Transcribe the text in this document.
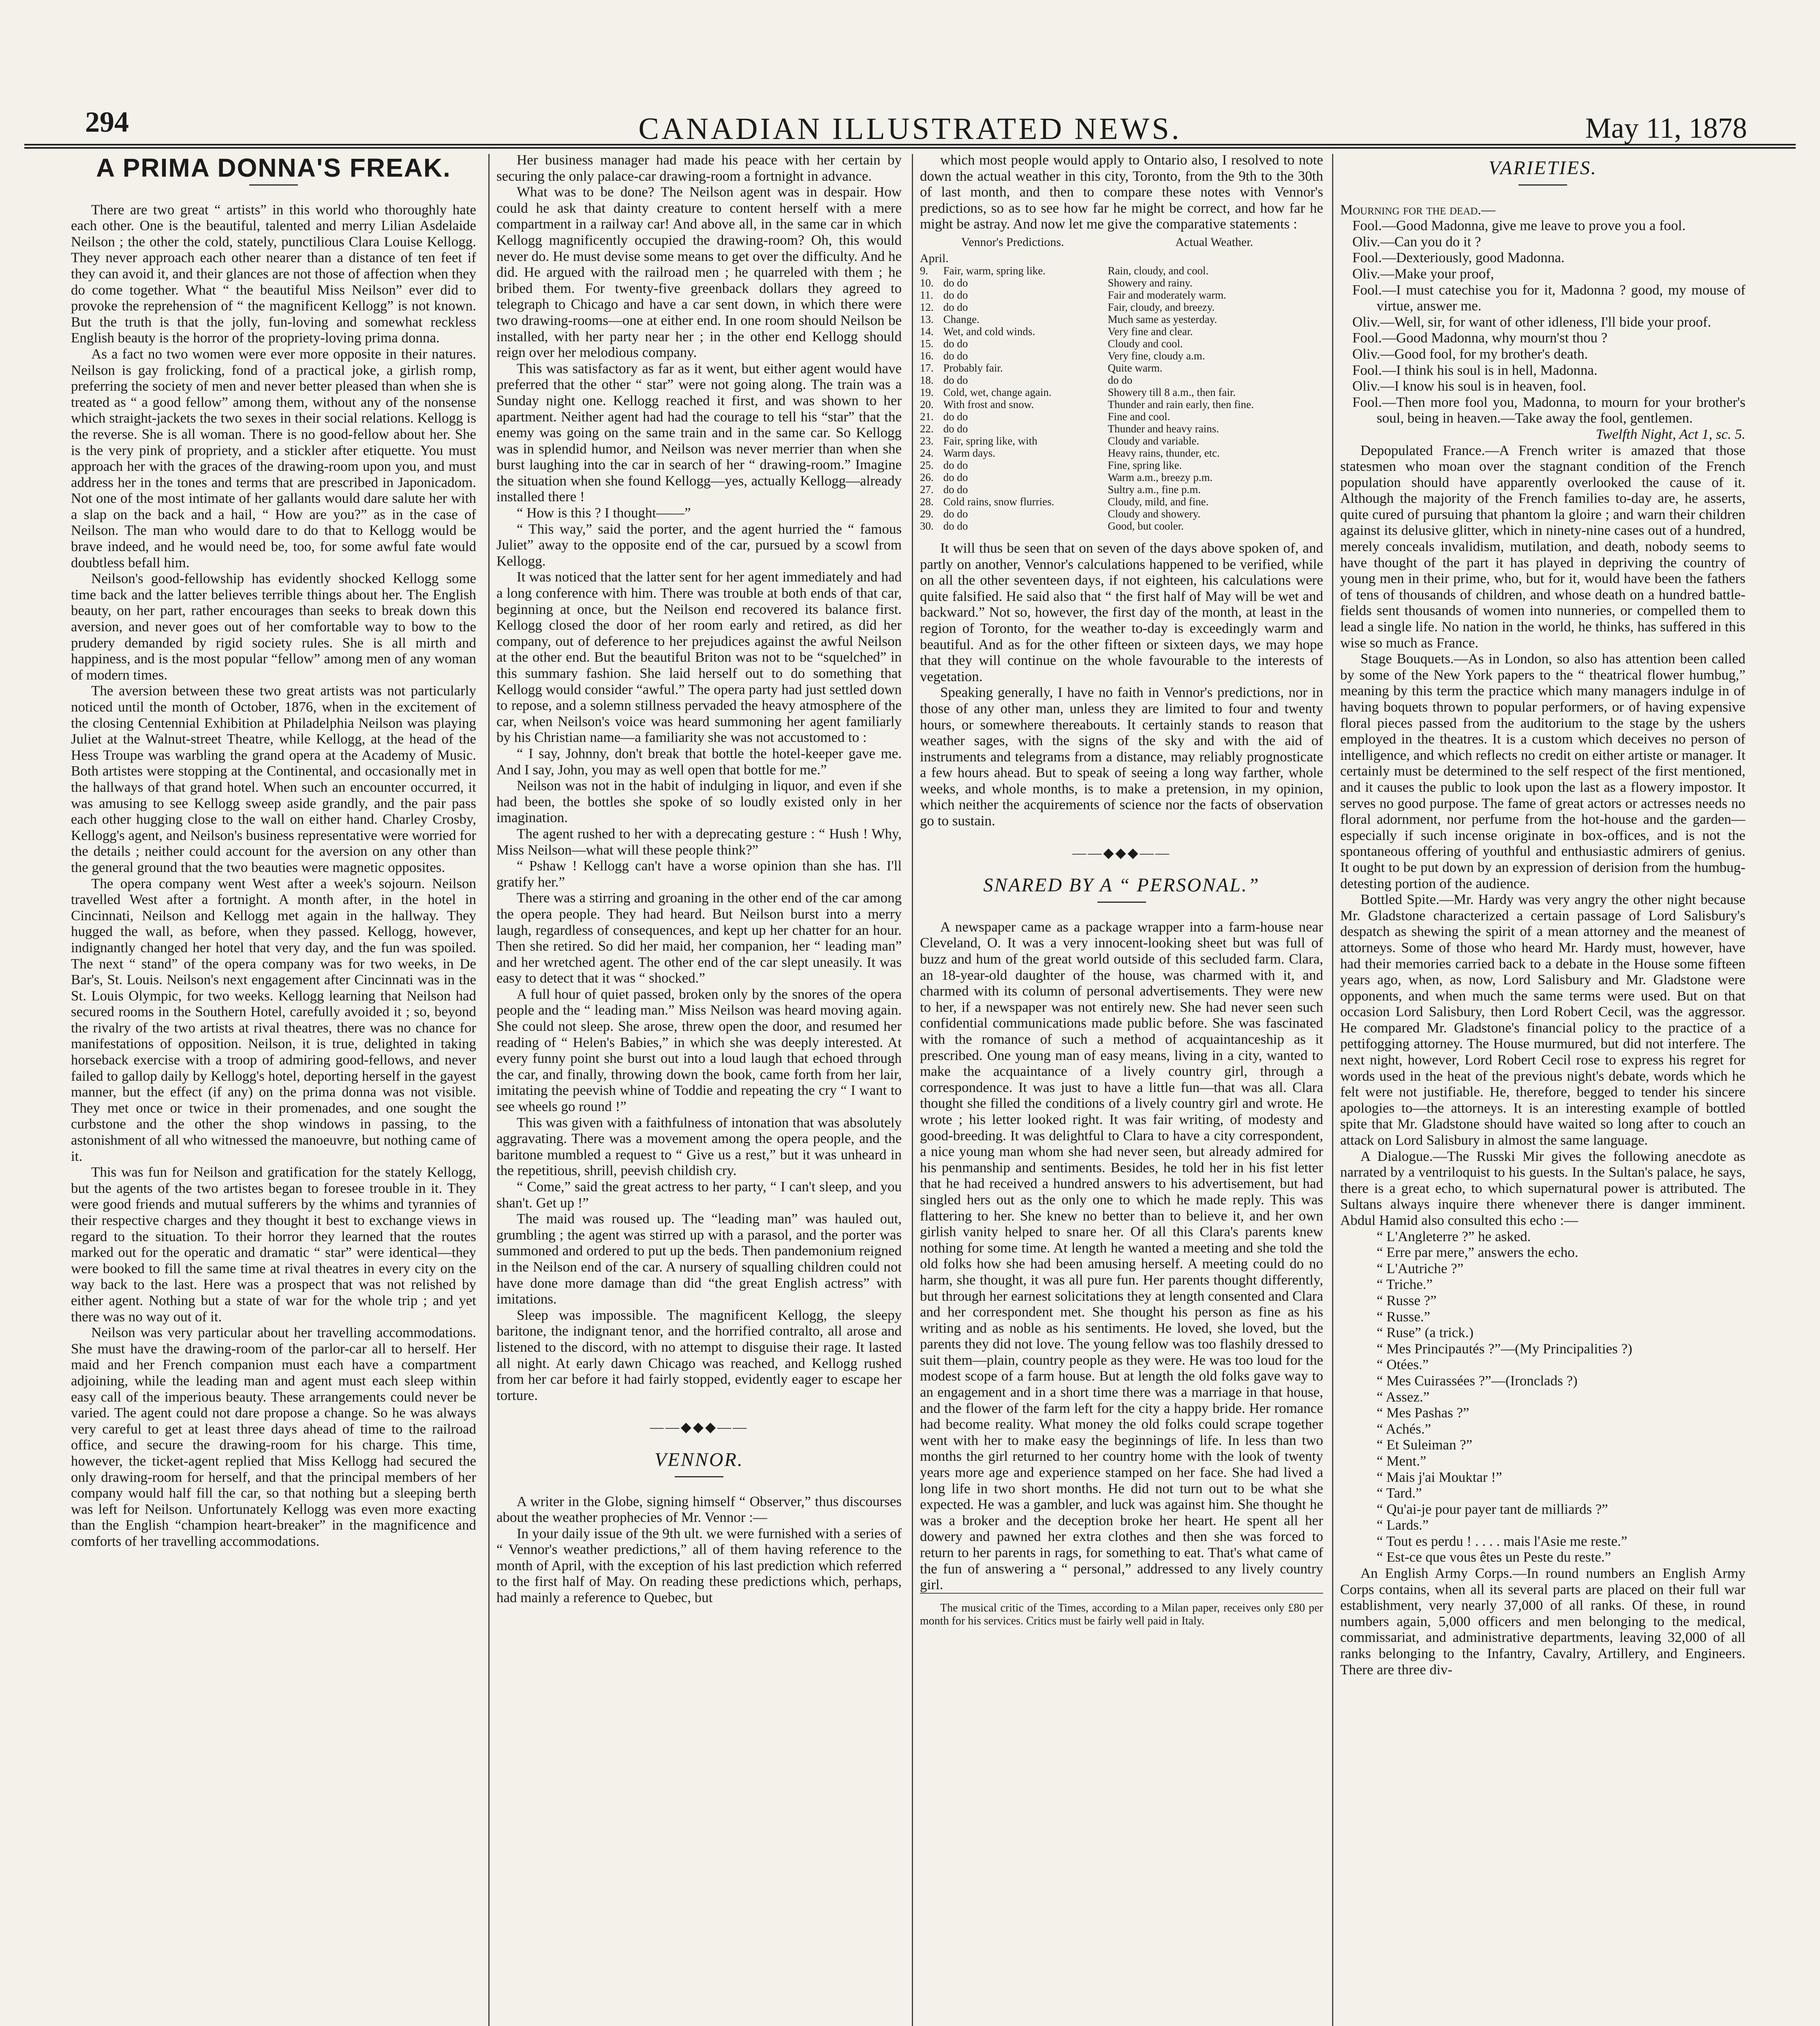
294	CANADIAN ILLUSTRATED NEWS.	May 11, 1878
A PRIMA DONNA'S FREAK.

There are two great “ artists” in this world who thoroughly hate each other. One is the beautiful, talented and merry Lilian Asdelaide Neilson ; the other the cold, stately, punctilious Clara Louise Kellogg. They never approach each other nearer than a distance of ten feet if they can avoid it, and their glances are not those of affection when they do come together. What “ the beautiful Miss Neilson” ever did to provoke the reprehension of “ the magnificent Kellogg” is not known. But the truth is that the jolly, fun-loving and somewhat reckless English beauty is the horror of the propriety-loving prima donna.

As a fact no two women were ever more opposite in their natures. Neilson is gay frolicking, fond of a practical joke, a girlish romp, preferring the society of men and never better pleased than when she is treated as “ a good fellow” among them, without any of the nonsense which straight-jackets the two sexes in their social relations. Kellogg is the reverse. She is all woman. There is no good-fellow about her. She is the very pink of propriety, and a stickler after etiquette. You must approach her with the graces of the drawing-room upon you, and must address her in the tones and terms that are prescribed in Japonicadom. Not one of the most intimate of her gallants would dare salute her with a slap on the back and a hail, “ How are you?” as in the case of Neilson. The man who would dare to do that to Kellogg would be brave indeed, and he would need be, too, for some awful fate would doubtless befall him.

Neilson's good-fellowship has evidently shocked Kellogg some time back and the latter believes terrible things about her. The English beauty, on her part, rather encourages than seeks to break down this aversion, and never goes out of her comfortable way to bow to the prudery demanded by rigid society rules. She is all mirth and happiness, and is the most popular “fellow” among men of any woman of modern times.

The aversion between these two great artists was not particularly noticed until the month of October, 1876, when in the excitement of the closing Centennial Exhibition at Philadelphia Neilson was playing Juliet at the Walnut-street Theatre, while Kellogg, at the head of the Hess Troupe was warbling the grand opera at the Academy of Music. Both artistes were stopping at the Continental, and occasionally met in the hallways of that grand hotel. When such an encounter occurred, it was amusing to see Kellogg sweep aside grandly, and the pair pass each other hugging close to the wall on either hand. Charley Crosby, Kellogg's agent, and Neilson's business representative were worried for the details ; neither could account for the aversion on any other than the general ground that the two beauties were magnetic opposites.

The opera company went West after a week's sojourn. Neilson travelled West after a fortnight. A month after, in the hotel in Cincinnati, Neilson and Kellogg met again in the hallway. They hugged the wall, as before, when they passed. Kellogg, however, indignantly changed her hotel that very day, and the fun was spoiled. The next “ stand” of the opera company was for two weeks, in De Bar's, St. Louis. Neilson's next engagement after Cincinnati was in the St. Louis Olympic, for two weeks. Kellogg learning that Neilson had secured rooms in the Southern Hotel, carefully avoided it ; so, beyond the rivalry of the two artists at rival theatres, there was no chance for manifestations of opposition. Neilson, it is true, delighted in taking horseback exercise with a troop of admiring good-fellows, and never failed to gallop daily by Kellogg's hotel, deporting herself in the gayest manner, but the effect (if any) on the prima donna was not visible. They met once or twice in their promenades, and one sought the curbstone and the other the shop windows in passing, to the astonishment of all who witnessed the manoeuvre, but nothing came of it.

This was fun for Neilson and gratification for the stately Kellogg, but the agents of the two artistes began to foresee trouble in it. They were good friends and mutual sufferers by the whims and tyrannies of their respective charges and they thought it best to exchange views in regard to the situation. To their horror they learned that the routes marked out for the operatic and dramatic “ star” were identical—they were booked to fill the same time at rival theatres in every city on the way back to the last. Here was a prospect that was not relished by either agent. Nothing but a state of war for the whole trip ; and yet there was no way out of it.

Neilson was very particular about her travelling accommodations. She must have the drawing-room of the parlor-car all to herself. Her maid and her French companion must each have a compartment adjoining, while the leading man and agent must each sleep within easy call of the imperious beauty. These arrangements could never be varied. The agent could not dare propose a change. So he was always very careful to get at least three days ahead of time to the railroad office, and secure the drawing-room for his charge. This time, however, the ticket-agent replied that Miss Kellogg had secured the only drawing-room for herself, and that the principal members of her company would half fill the car, so that nothing but a sleeping berth was left for Neilson. Unfortunately Kellogg was even more exacting than the English “champion heart-breaker” in the magnificence and comforts of her travelling accommodations.

Her business manager had made his peace with her certain by securing the only palace-car drawing-room a fortnight in advance.

What was to be done? The Neilson agent was in despair. How could he ask that dainty creature to content herself with a mere compartment in a railway car! And above all, in the same car in which Kellogg magnificently occupied the drawing-room? Oh, this would never do. He must devise some means to get over the difficulty. And he did. He argued with the railroad men ; he quarreled with them ; he bribed them. For twenty-five greenback dollars they agreed to telegraph to Chicago and have a car sent down, in which there were two drawing-rooms—one at either end. In one room should Neilson be installed, with her party near her ; in the other end Kellogg should reign over her melodious company.

This was satisfactory as far as it went, but either agent would have preferred that the other “ star” were not going along. The train was a Sunday night one. Kellogg reached it first, and was shown to her apartment. Neither agent had had the courage to tell his “star” that the enemy was going on the same train and in the same car. So Kellogg was in splendid humor, and Neilson was never merrier than when she burst laughing into the car in search of her “ drawing-room.” Imagine the situation when she found Kellogg—yes, actually Kellogg—already installed there !

“ How is this ? I thought——”

“ This way,” said the porter, and the agent hurried the “ famous Juliet” away to the opposite end of the car, pursued by a scowl from Kellogg.

It was noticed that the latter sent for her agent immediately and had a long conference with him. There was trouble at both ends of that car, beginning at once, but the Neilson end recovered its balance first. Kellogg closed the door of her room early and retired, as did her company, out of deference to her prejudices against the awful Neilson at the other end. But the beautiful Briton was not to be “squelched” in this summary fashion. She laid herself out to do something that Kellogg would consider “awful.” The opera party had just settled down to repose, and a solemn stillness pervaded the heavy atmosphere of the car, when Neilson's voice was heard summoning her agent familiarly by his Christian name—a familiarity she was not accustomed to :

“ I say, Johnny, don't break that bottle the hotel-keeper gave me. And I say, John, you may as well open that bottle for me.”

Neilson was not in the habit of indulging in liquor, and even if she had been, the bottles she spoke of so loudly existed only in her imagination.

The agent rushed to her with a deprecating gesture : “ Hush ! Why, Miss Neilson—what will these people think?”

“ Pshaw ! Kellogg can't have a worse opinion than she has. I'll gratify her.”

There was a stirring and groaning in the other end of the car among the opera people. They had heard. But Neilson burst into a merry laugh, regardless of consequences, and kept up her chatter for an hour. Then she retired. So did her maid, her companion, her “ leading man” and her wretched agent. The other end of the car slept uneasily. It was easy to detect that it was “ shocked.”

A full hour of quiet passed, broken only by the snores of the opera people and the “ leading man.” Miss Neilson was heard moving again. She could not sleep. She arose, threw open the door, and resumed her reading of “ Helen's Babies,” in which she was deeply interested. At every funny point she burst out into a loud laugh that echoed through the car, and finally, throwing down the book, came forth from her lair, imitating the peevish whine of Toddie and repeating the cry “ I want to see wheels go round !”

This was given with a faithfulness of intonation that was absolutely aggravating. There was a movement among the opera people, and the baritone mumbled a request to “ Give us a rest,” but it was unheard in the repetitious, shrill, peevish childish cry.

“ Come,” said the great actress to her party, “ I can't sleep, and you shan't. Get up !”

The maid was roused up. The “leading man” was hauled out, grumbling ; the agent was stirred up with a parasol, and the porter was summoned and ordered to put up the beds. Then pandemonium reigned in the Neilson end of the car. A nursery of squalling children could not have done more damage than did “the great English actress” with imitations.

Sleep was impossible. The magnificent Kellogg, the sleepy baritone, the indignant tenor, and the horrified contralto, all arose and listened to the discord, with no attempt to disguise their rage. It lasted all night. At early dawn Chicago was reached, and Kellogg rushed from her car before it had fairly stopped, evidently eager to escape her torture.

——◆◆◆——
VENNOR.

A writer in the Globe, signing himself “ Observer,” thus discourses about the weather prophecies of Mr. Vennor :—

In your daily issue of the 9th ult. we were furnished with a series of “ Vennor's weather predictions,” all of them having reference to the month of April, with the exception of his last prediction which referred to the first half of May. On reading these predictions which, perhaps, had mainly a reference to Quebec, but

which most people would apply to Ontario also, I resolved to note down the actual weather in this city, Toronto, from the 9th to the 30th of last month, and then to compare these notes with Vennor's predictions, so as to see how far he might be correct, and how far he might be astray. And now let me give the comparative statements :

Vennor's Predictions.		Actual Weather.
April.		
9.	Fair, warm, spring like.	Rain, cloudy, and cool.
10.	do do	Showery and rainy.
11.	do do	Fair and moderately warm.
12.	do do	Fair, cloudy, and breezy.
13.	Change.	Much same as yesterday.
14.	Wet, and cold winds.	Very fine and clear.
15.	do do	Cloudy and cool.
16.	do do	Very fine, cloudy a.m.
17.	Probably fair.	Quite warm.
18.	do do	do do
19.	Cold, wet, change again.	Showery till 8 a.m., then fair.
20.	With frost and snow.	Thunder and rain early, then fine.
21.	do do	Fine and cool.
22.	do do	Thunder and heavy rains.
23.	Fair, spring like, with	Cloudy and variable.
24.	Warm days.	Heavy rains, thunder, etc.
25.	do do	Fine, spring like.
26.	do do	Warm a.m., breezy p.m.
27.	do do	Sultry a.m., fine p.m.
28.	Cold rains, snow flurries.	Cloudy, mild, and fine.
29.	do do	Cloudy and showery.
30.	do do	Good, but cooler.

It will thus be seen that on seven of the days above spoken of, and partly on another, Vennor's calculations happened to be verified, while on all the other seventeen days, if not eighteen, his calculations were quite falsified. He said also that “ the first half of May will be wet and backward.” Not so, however, the first day of the month, at least in the region of Toronto, for the weather to-day is exceedingly warm and beautiful. And as for the other fifteen or sixteen days, we may hope that they will continue on the whole favourable to the interests of vegetation.

Speaking generally, I have no faith in Vennor's predictions, nor in those of any other man, unless they are limited to four and twenty hours, or somewhere thereabouts. It certainly stands to reason that weather sages, with the signs of the sky and with the aid of instruments and telegrams from a distance, may reliably prognosticate a few hours ahead. But to speak of seeing a long way farther, whole weeks, and whole months, is to make a pretension, in my opinion, which neither the acquirements of science nor the facts of observation go to sustain.

——◆◆◆——
SNARED BY A “ PERSONAL.”

A newspaper came as a package wrapper into a farm-house near Cleveland, O. It was a very innocent-looking sheet but was full of buzz and hum of the great world outside of this secluded farm. Clara, an 18-year-old daughter of the house, was charmed with it, and charmed with its column of personal advertisements. They were new to her, if a newspaper was not entirely new. She had never seen such confidential communications made public before. She was fascinated with the romance of such a method of acquaintanceship as it prescribed. One young man of easy means, living in a city, wanted to make the acquaintance of a lively country girl, through a correspondence. It was just to have a little fun—that was all. Clara thought she filled the conditions of a lively country girl and wrote. He wrote ; his letter looked right. It was fair writing, of modesty and good-breeding. It was delightful to Clara to have a city correspondent, a nice young man whom she had never seen, but already admired for his penmanship and sentiments. Besides, he told her in his fist letter that he had received a hundred answers to his advertisement, but had singled hers out as the only one to which he made reply. This was flattering to her. She knew no better than to believe it, and her own girlish vanity helped to snare her. Of all this Clara's parents knew nothing for some time. At length he wanted a meeting and she told the old folks how she had been amusing herself. A meeting could do no harm, she thought, it was all pure fun. Her parents thought differently, but through her earnest solicitations they at length consented and Clara and her correspondent met. She thought his person as fine as his writing and as noble as his sentiments. He loved, she loved, but the parents they did not love. The young fellow was too flashily dressed to suit them—plain, country people as they were. He was too loud for the modest scope of a farm house. But at length the old folks gave way to an engagement and in a short time there was a marriage in that house, and the flower of the farm left for the city a happy bride. Her romance had become reality. What money the old folks could scrape together went with her to make easy the beginnings of life. In less than two months the girl returned to her country home with the look of twenty years more age and experience stamped on her face. She had lived a long life in two short months. He did not turn out to be what she expected. He was a gambler, and luck was against him. She thought he was a broker and the deception broke her heart. He spent all her dowery and pawned her extra clothes and then she was forced to return to her parents in rags, for something to eat. That's what came of the fun of answering a “ personal,” addressed to any lively country girl.

The musical critic of the Times, according to a Milan paper, receives only £80 per month for his services. Critics must be fairly well paid in Italy.

VARIETIES.

Mourning for the dead.—

Fool.—Good Madonna, give me leave to prove you a fool.

Oliv.—Can you do it ?

Fool.—Dexteriously, good Madonna.

Oliv.—Make your proof,

Fool.—I must catechise you for it, Madonna ? good, my mouse of virtue, answer me.

Oliv.—Well, sir, for want of other idleness, I'll bide your proof.

Fool.—Good Madonna, why mourn'st thou ?

Oliv.—Good fool, for my brother's death.

Fool.—I think his soul is in hell, Madonna.

Oliv.—I know his soul is in heaven, fool.

Fool.—Then more fool you, Madonna, to mourn for your brother's soul, being in heaven.—Take away the fool, gentlemen.

Twelfth Night, Act 1, sc. 5.

Depopulated France.—A French writer is amazed that those statesmen who moan over the stagnant condition of the French population should have apparently overlooked the cause of it. Although the majority of the French families to-day are, he asserts, quite cured of pursuing that phantom la gloire ; and warn their children against its delusive glitter, which in ninety-nine cases out of a hundred, merely conceals invalidism, mutilation, and death, nobody seems to have thought of the part it has played in depriving the country of young men in their prime, who, but for it, would have been the fathers of tens of thousands of children, and whose death on a hundred battle-fields sent thousands of women into nunneries, or compelled them to lead a single life. No nation in the world, he thinks, has suffered in this wise so much as France.

Stage Bouquets.—As in London, so also has attention been called by some of the New York papers to the “ theatrical flower humbug,” meaning by this term the practice which many managers indulge in of having boquets thrown to popular performers, or of having expensive floral pieces passed from the auditorium to the stage by the ushers employed in the theatres. It is a custom which deceives no person of intelligence, and which reflects no credit on either artiste or manager. It certainly must be determined to the self respect of the first mentioned, and it causes the public to look upon the last as a flowery impostor. It serves no good purpose. The fame of great actors or actresses needs no floral adornment, nor perfume from the hot-house and the garden—especially if such incense originate in box-offices, and is not the spontaneous offering of youthful and enthusiastic admirers of genius. It ought to be put down by an expression of derision from the humbug-detesting portion of the audience.

Bottled Spite.—Mr. Hardy was very angry the other night because Mr. Gladstone characterized a certain passage of Lord Salisbury's despatch as shewing the spirit of a mean attorney and the meanest of attorneys. Some of those who heard Mr. Hardy must, however, have had their memories carried back to a debate in the House some fifteen years ago, when, as now, Lord Salisbury and Mr. Gladstone were opponents, and when much the same terms were used. But on that occasion Lord Salisbury, then Lord Robert Cecil, was the aggressor. He compared Mr. Gladstone's financial policy to the practice of a pettifogging attorney. The House murmured, but did not interfere. The next night, however, Lord Robert Cecil rose to express his regret for words used in the heat of the previous night's debate, words which he felt were not justifiable. He, therefore, begged to tender his sincere apologies to—the attorneys. It is an interesting example of bottled spite that Mr. Gladstone should have waited so long after to couch an attack on Lord Salisbury in almost the same language.

A Dialogue.—The Russki Mir gives the following anecdote as narrated by a ventriloquist to his guests. In the Sultan's palace, he says, there is a great echo, to which supernatural power is attributed. The Sultans always inquire there whenever there is danger imminent. Abdul Hamid also consulted this echo :—

“ L'Angleterre ?” he asked.

“ Erre par mere,” answers the echo.

“ L'Autriche ?”

“ Triche.”

“ Russe ?”

“ Russe.”

“ Ruse” (a trick.)

“ Mes Principautés ?”—(My Principalities ?)

“ Otées.”

“ Mes Cuirassées ?”—(Ironclads ?)

“ Assez.”

“ Mes Pashas ?”

“ Achés.”

“ Et Suleiman ?”

“ Ment.”

“ Mais j'ai Mouktar !”

“ Tard.”

“ Qu'ai-je pour payer tant de milliards ?”

“ Lards.”

“ Tout es perdu ! . . . . mais l'Asie me reste.”

“ Est-ce que vous êtes un Peste du reste.”

An English Army Corps.—In round numbers an English Army Corps contains, when all its several parts are placed on their full war establishment, very nearly 37,000 of all ranks. Of these, in round numbers again, 5,000 officers and men belonging to the medical, commissariat, and administrative departments, leaving 32,000 of all ranks belonging to the Infantry, Cavalry, Artillery, and Engineers. There are three div-
